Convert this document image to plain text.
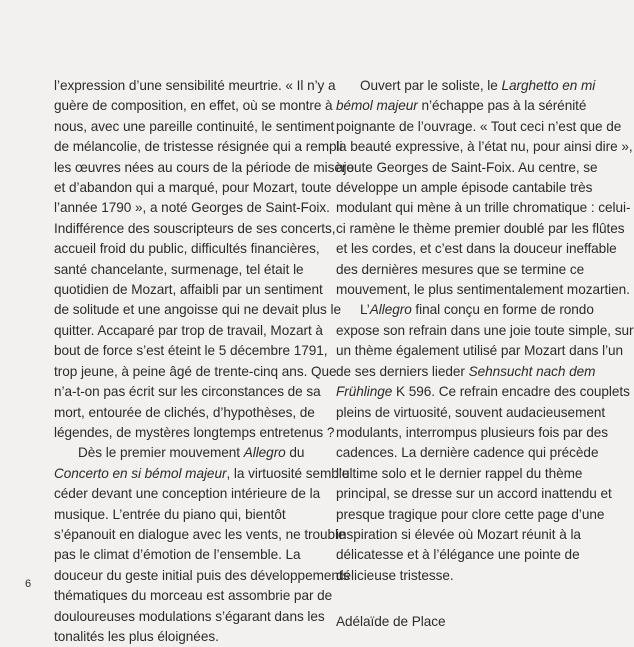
l’expression d’une sensibilité meurtrie. « Il n’y a
guère de composition, en effet, où se montre à
nous, avec une pareille continuité, le sentiment
de mélancolie, de tristesse résignée qui a rempli
les œuvres nées au cours de la période de misère
et d’abandon qui a marqué, pour Mozart, toute
l’année 1790 », a noté Georges de Saint-Foix.
Indifférence des souscripteurs de ses concerts,
accueil froid du public, difficultés financières,
santé chancelante, surmenage, tel était le
quotidien de Mozart, affaibli par un sentiment
de solitude et une angoisse qui ne devait plus le
quitter. Accaparé par trop de travail, Mozart à
bout de force s’est éteint le 5 décembre 1791,
trop jeune, à peine âgé de trente-cinq ans. Que
n’a-t-on pas écrit sur les circonstances de sa
mort, entourée de clichés, d’hypothèses, de
légendes, de mystères longtemps entretenus ?
Dès le premier mouvement Allegro du
Concerto en si bémol majeur, la virtuosité semble
céder devant une conception intérieure de la
musique. L’entrée du piano qui, bientôt
s’épanouit en dialogue avec les vents, ne trouble
pas le climat d’émotion de l’ensemble. La
douceur du geste initial puis des développements
thématiques du morceau est assombrie par de
douloureuses modulations s’égarant dans les
tonalités les plus éloignées.
Ouvert par le soliste, le Larghetto en mi
bémol majeur n’échappe pas à la sérénité
poignante de l’ouvrage. « Tout ceci n’est que de
la beauté expressive, à l’état nu, pour ainsi dire »,
ajoute Georges de Saint-Foix. Au centre, se
développe un ample épisode cantabile très
modulant qui mène à un trille chromatique : celui-
ci ramène le thème premier doublé par les flûtes
et les cordes, et c’est dans la douceur ineffable
des dernières mesures que se termine ce
mouvement, le plus sentimentalement mozartien.
L’Allegro final conçu en forme de rondo
expose son refrain dans une joie toute simple, sur
un thème également utilisé par Mozart dans l’un
de ses derniers lieder Sehnsucht nach dem
Frühlinge K 596. Ce refrain encadre des couplets
pleins de virtuosité, souvent audacieusement
modulants, interrompus plusieurs fois par des
cadences. La dernière cadence qui précède
l’ultime solo et le dernier rappel du thème
principal, se dresse sur un accord inattendu et
presque tragique pour clore cette page d’une
inspiration si élevée où Mozart réunit à la
délicatesse et à l’élégance une pointe de
délicieuse tristesse.
Adélaïde de Place
6
